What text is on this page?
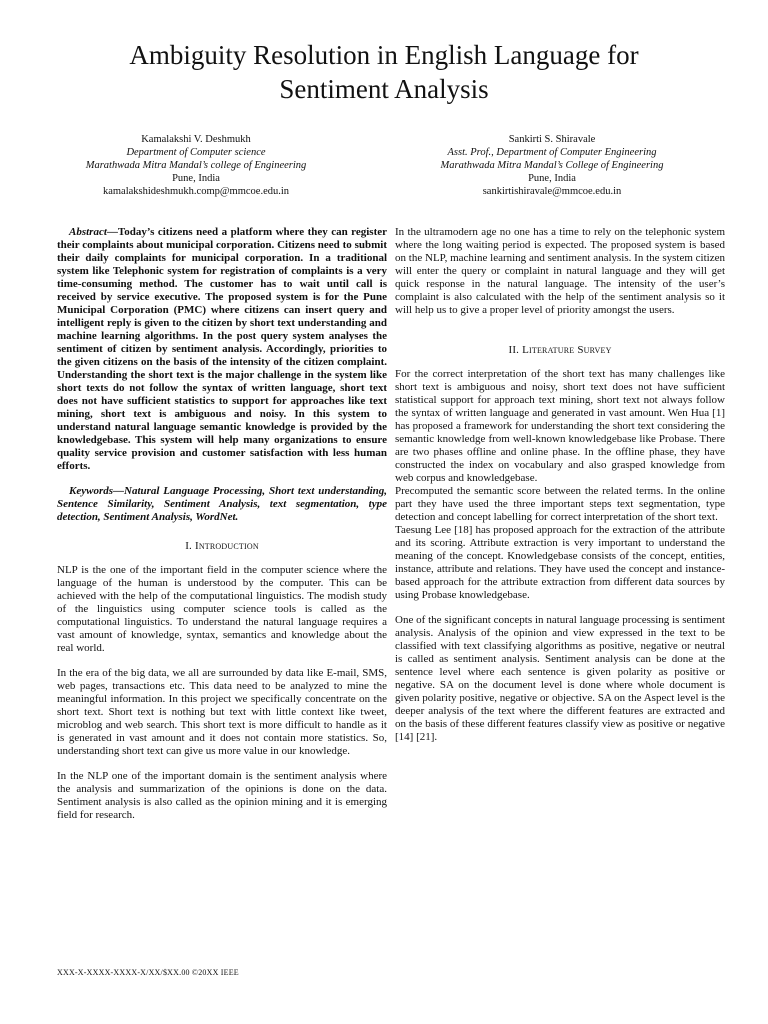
Ambiguity Resolution in English Language for
Sentiment Analysis
Kamalakshi V. Deshmukh
Department of Computer science
Marathwada Mitra Mandal’s college of Engineering
Pune, India
kamalakshideshmukh.comp@mmcoe.edu.in
Sankirti S. Shiravale
Asst. Prof., Department of Computer Engineering
Marathwada Mitra Mandal’s College of Engineering
Pune, India
sankirtishiravale@mmcoe.edu.in

Abstract—Today’s citizens need a platform where they can register their complaints about municipal corporation. Citizens need to submit their daily complaints for municipal corporation. In a traditional system like Telephonic system for registration of complaints is a very time-consuming method. The customer has to wait until call is received by service executive. The proposed system is for the Pune Municipal Corporation (PMC) where citizens can insert query and intelligent reply is given to the citizen by short text understanding and machine learning algorithms. In the post query system analyses the sentiment of citizen by sentiment analysis. Accordingly, priorities to the given citizens on the basis of the intensity of the citizen complaint. Understanding the short text is the major challenge in the system like short texts do not follow the syntax of written language, short text does not have sufficient statistics to support for approaches like text mining, short text is ambiguous and noisy. In this system to understand natural language semantic knowledge is provided by the knowledgebase. This system will help many organizations to ensure quality service provision and customer satisfaction with less human efforts.

Keywords—Natural Language Processing, Short text understanding, Sentence Similarity, Sentiment Analysis, text segmentation, type detection, Sentiment Analysis, WordNet.

I. Introduction

NLP is the one of the important field in the computer science where the language of the human is understood by the computer. This can be achieved with the help of the computational linguistics. The modish study of the linguistics using computer science tools is called as the computational linguistics. To understand the natural language requires a vast amount of knowledge, syntax, semantics and knowledge about the real world.

In the era of the big data, we all are surrounded by data like E-mail, SMS, web pages, transactions etc. This data need to be analyzed to mine the meaningful information. In this project we specifically concentrate on the short text. Short text is nothing but text with little context like tweet, microblog and web search. This short text is more difficult to handle as it is generated in vast amount and it does not contain more statistics. So, understanding short text can give us more value in our knowledge.

In the NLP one of the important domain is the sentiment analysis where the analysis and summarization of the opinions is done on the data. Sentiment analysis is also called as the opinion mining and it is emerging field for research.

In the ultramodern age no one has a time to rely on the telephonic system where the long waiting period is expected. The proposed system is based on the NLP, machine learning and sentiment analysis. In the system citizen will enter the query or complaint in natural language and they will get quick response in the natural language. The intensity of the user’s complaint is also calculated with the help of the sentiment analysis so it will help us to give a proper level of priority amongst the users.

II. Literature Survey

For the correct interpretation of the short text has many challenges like short text is ambiguous and noisy, short text does not have sufficient statistical support for approach text mining, short text not always follow the syntax of written language and generated in vast amount. Wen Hua [1] has proposed a framework for understanding the short text considering the semantic knowledge from well-known knowledgebase like Probase. There are two phases offline and online phase. In the offline phase, they have constructed the index on vocabulary and also grasped knowledge from web corpus and knowledgebase.

Precomputed the semantic score between the related terms. In the online part they have used the three important steps text segmentation, type detection and concept labelling for correct interpretation of the short text.

Taesung Lee [18] has proposed approach for the extraction of the attribute and its scoring. Attribute extraction is very important to understand the meaning of the concept. Knowledgebase consists of the concept, entities, instance, attribute and relations. They have used the concept and instance-based approach for the attribute extraction from different data sources by using Probase knowledgebase.

One of the significant concepts in natural language processing is sentiment analysis. Analysis of the opinion and view expressed in the text to be classified with text classifying algorithms as positive, negative or neutral is called as sentiment analysis. Sentiment analysis can be done at the sentence level where each sentence is given polarity as positive or negative. SA on the document level is done where whole document is given polarity positive, negative or objective. SA on the Aspect level is the deeper analysis of the text where the different features are extracted and on the basis of these different features classify view as positive or negative [14] [21].

XXX-X-XXXX-XXXX-X/XX/$XX.00 ©20XX IEEE
